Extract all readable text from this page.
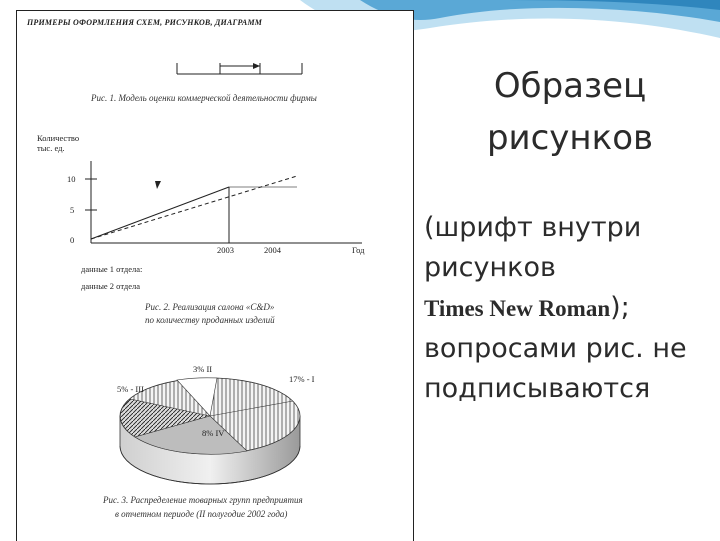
ПРИМЕРЫ ОФОРМЛЕНИЯ СХЕМ, РИСУНКОВ, ДИАГРАММ
Рис. 1. Модель оценки коммерческой деятельности фирмы
Количество
тыс. ед.
10
5
0
2003	2004	Год
данные 1 отдела:
данные 2 отдела
Рис. 2. Реализация салона «С&D»
по количеству проданных изделий
3% II
17% - I
5% - III
8% IV
Рис. 3. Распределение товарных групп предприятия
в отчетном периоде (II полугодие 2002 года)
Образец
рисунков
(шрифт внутри
рисунков
Times New Roman);
вопросами рис. не
подписываются
